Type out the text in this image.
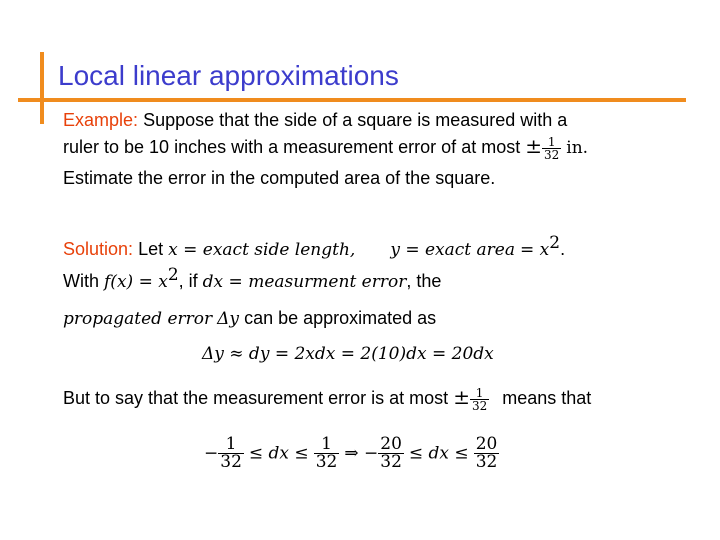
Local linear approximations
Example: Suppose that the side of a square is measured with a
ruler to be 10 inches with a measurement error of at most ± $\frac{1}{32}$ in.
Estimate the error in the computed area of the square.
Solution: Let x = exact side length, y = exact area = $x^2$.
With $f(x) = x^2$, if dx = measurment error, the
propagated error Δy can be approximated as
Δy ≈ dy = 2xdx = 2(10)dx = 20dx
But to say that the measurement error is at most ± $\frac{1}{32}$ means that
− $\frac{1}{32}$ ≤ dx ≤ $\frac{1}{32}$ ⇒ − $\frac{20}{32}$ ≤ dx ≤ $\frac{20}{32}$
